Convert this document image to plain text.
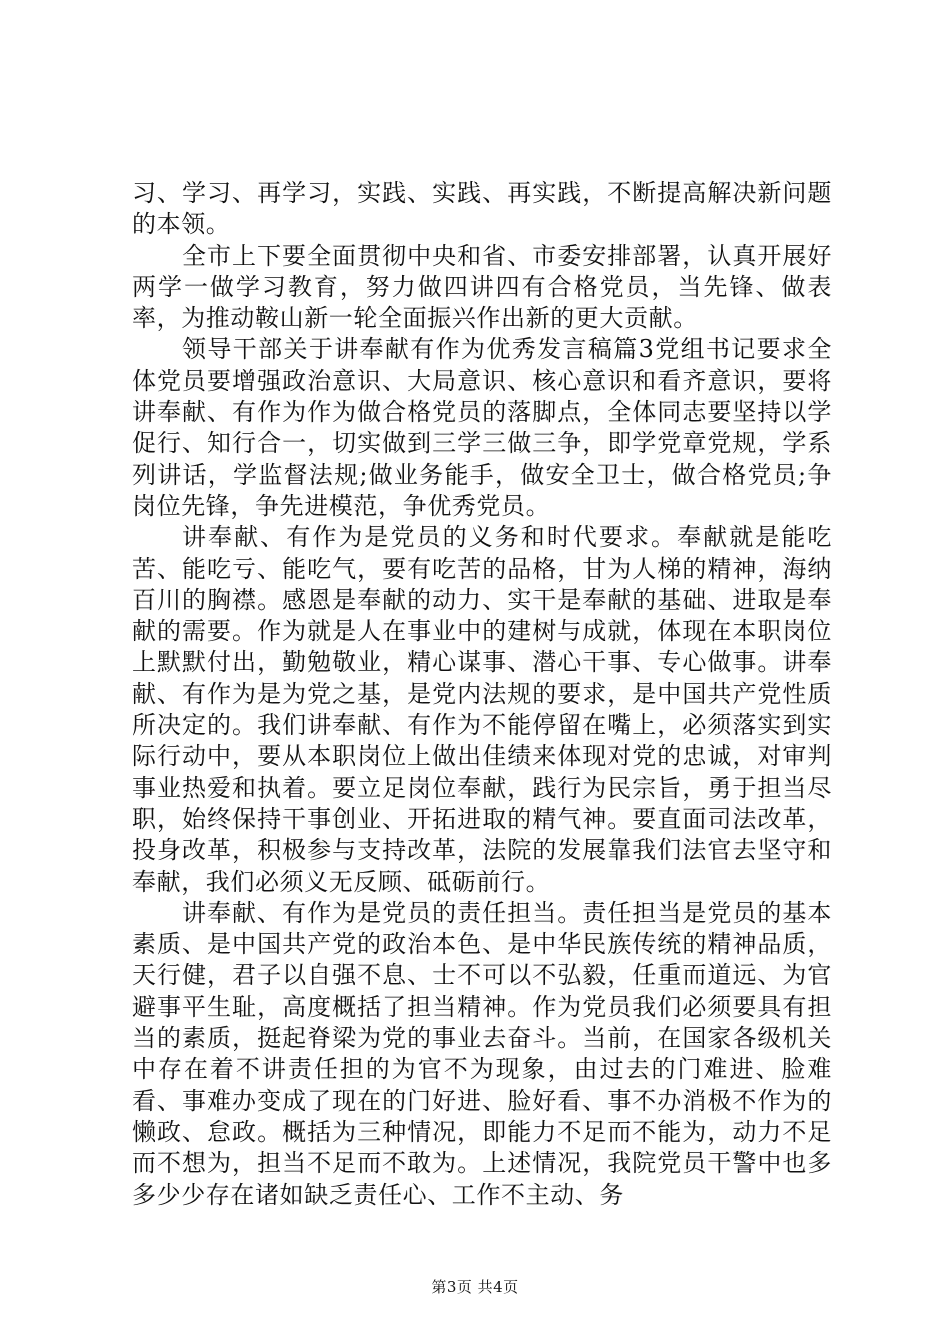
习、学习、再学习，实践、实践、再实践，不断提高解决新问题的本领。

全市上下要全面贯彻中央和省、市委安排部署，认真开展好两学一做学习教育，努力做四讲四有合格党员，当先锋、做表率，为推动鞍山新一轮全面振兴作出新的更大贡献。

领导干部关于讲奉献有作为优秀发言稿篇3党组书记要求全体党员要增强政治意识、大局意识、核心意识和看齐意识，要将讲奉献、有作为作为做合格党员的落脚点，全体同志要坚持以学促行、知行合一，切实做到三学三做三争，即学党章党规，学系列讲话，学监督法规;做业务能手，做安全卫士，做合格党员;争岗位先锋，争先进模范，争优秀党员。

讲奉献、有作为是党员的义务和时代要求。奉献就是能吃苦、能吃亏、能吃气，要有吃苦的品格，甘为人梯的精神，海纳百川的胸襟。感恩是奉献的动力、实干是奉献的基础、进取是奉献的需要。作为就是人在事业中的建树与成就，体现在本职岗位上默默付出，勤勉敬业，精心谋事、潜心干事、专心做事。讲奉献、有作为是为党之基，是党内法规的要求，是中国共产党性质所决定的。我们讲奉献、有作为不能停留在嘴上，必须落实到实际行动中，要从本职岗位上做出佳绩来体现对党的忠诚，对审判事业热爱和执着。要立足岗位奉献，践行为民宗旨，勇于担当尽职，始终保持干事创业、开拓进取的精气神。要直面司法改革，投身改革，积极参与支持改革，法院的发展靠我们法官去坚守和奉献，我们必须义无反顾、砥砺前行。

讲奉献、有作为是党员的责任担当。责任担当是党员的基本素质、是中国共产党的政治本色、是中华民族传统的精神品质，天行健，君子以自强不息、士不可以不弘毅，任重而道远、为官避事平生耻，高度概括了担当精神。作为党员我们必须要具有担当的素质，挺起脊梁为党的事业去奋斗。当前，在国家各级机关中存在着不讲责任担的为官不为现象，由过去的门难进、脸难看、事难办变成了现在的门好进、脸好看、事不办消极不作为的懒政、怠政。概括为三种情况，即能力不足而不能为，动力不足而不想为，担当不足而不敢为。上述情况，我院党员干警中也多多少少存在诸如缺乏责任心、工作不主动、务

第3页 共4页
